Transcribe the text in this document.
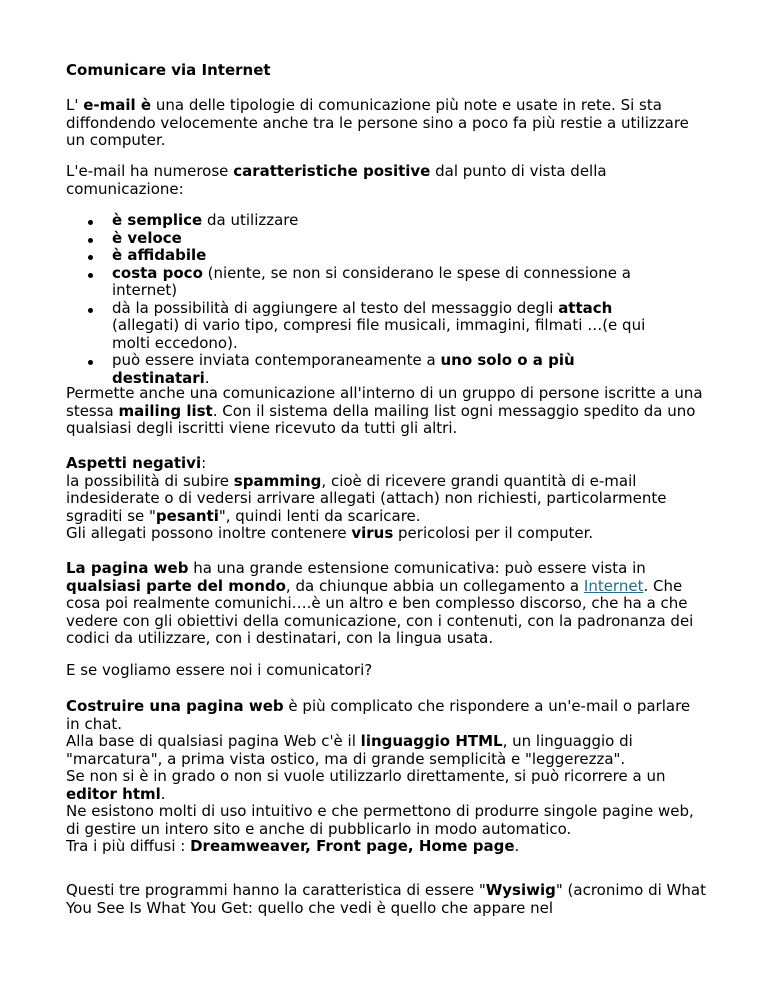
Comunicare via Internet

L' e-mail è una delle tipologie di comunicazione più note e usate in rete. Si sta diffondendo velocemente anche tra le persone sino a poco fa più restie a utilizzare un computer.

L'e-mail ha numerose caratteristiche positive dal punto di vista della comunicazione:

è semplice da utilizzare
è veloce
è affidabile
costa poco (niente, se non si considerano le spese di connessione a internet)
dà la possibilità di aggiungere al testo del messaggio degli attach (allegati) di vario tipo, compresi file musicali, immagini, filmati …(e qui molti eccedono).
può essere inviata contemporaneamente a uno solo o a più destinatari.

Permette anche una comunicazione all'interno di un gruppo di persone iscritte a una stessa mailing list. Con il sistema della mailing list ogni messaggio spedito da uno qualsiasi degli iscritti viene ricevuto da tutti gli altri.

Aspetti negativi:
la possibilità di subire spamming, cioè di ricevere grandi quantità di e-mail indesiderate o di vedersi arrivare allegati (attach) non richiesti, particolarmente sgraditi se "pesanti", quindi lenti da scaricare.
Gli allegati possono inoltre contenere virus pericolosi per il computer.

La pagina web ha una grande estensione comunicativa: può essere vista in qualsiasi parte del mondo, da chiunque abbia un collegamento a Internet. Che cosa poi realmente comunichi….è un altro e ben complesso discorso, che ha a che vedere con gli obiettivi della comunicazione, con i contenuti, con la padronanza dei codici da utilizzare, con i destinatari, con la lingua usata.

E se vogliamo essere noi i comunicatori?

Costruire una pagina web è più complicato che rispondere a un'e-mail o parlare in chat.
Alla base di qualsiasi pagina Web c'è il linguaggio HTML, un linguaggio di "marcatura", a prima vista ostico, ma di grande semplicità e "leggerezza".
Se non si è in grado o non si vuole utilizzarlo direttamente, si può ricorrere a un editor html.
Ne esistono molti di uso intuitivo e che permettono di produrre singole pagine web, di gestire un intero sito e anche di pubblicarlo in modo automatico.
Tra i più diffusi : Dreamweaver, Front page, Home page.

Questi tre programmi hanno la caratteristica di essere "Wysiwig" (acronimo di What You See Is What You Get: quello che vedi è quello che appare nel
